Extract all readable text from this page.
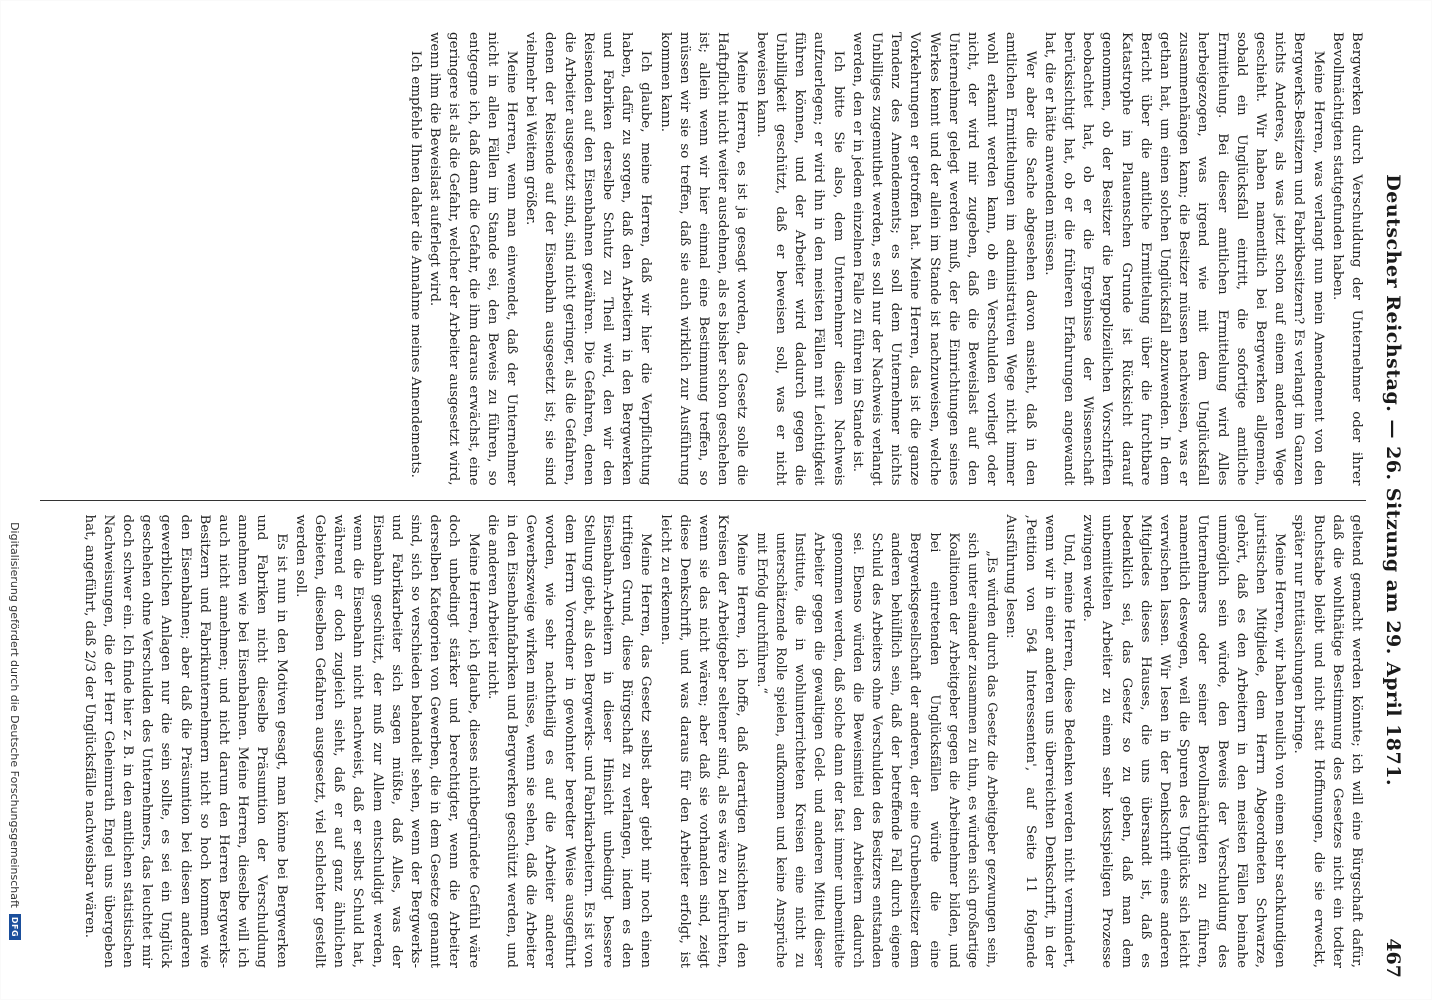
Deutscher Reichstag. — 26. Sitzung am 29. April 1871.
467

Bergwerken durch Verschuldung der Unternehmer oder ihrer Bevollmächtigten stattgefunden haben.

Meine Herren, was verlangt nun mein Amendement von den Bergwerks-Besitzern und Fabrikbesitzern? Es verlangt im Ganzen nichts Anderes, als was jetzt schon auf einem anderen Wege geschieht. Wir haben namentlich bei Bergwerken allgemein, sobald ein Unglücksfall eintritt, die sofortige amtliche Ermittelung. Bei dieser amtlichen Ermittelung wird Alles herbeigezogen, was irgend wie mit dem Unglücksfall zusammenhängen kann; die Besitzer müssen nachweisen, was er gethan hat, um einen solchen Unglücksfall abzuwenden. In dem Bericht über die amtliche Ermittelung über die furchtbare Katastrophe im Plauenschen Grunde ist Rücksicht darauf genommen, ob der Besitzer die bergpolizeilichen Vorschriften beobachtet hat, ob er die Ergebnisse der Wissenschaft berücksichtigt hat, ob er die früheren Erfahrungen angewandt hat, die er hätte anwenden müssen.

Wer aber die Sache abgesehen davon ansieht, daß in den amtlichen Ermittelungen im administrativen Wege nicht immer wohl erkannt werden kann, ob ein Verschulden vorliegt oder nicht, der wird mir zugeben, daß die Beweislast auf den Unternehmer gelegt werden muß, der die Einrichtungen seines Werkes kennt und der allein im Stande ist nachzuweisen, welche Vorkehrungen er getroffen hat. Meine Herren, das ist die ganze Tendenz des Amendements; es soll dem Unternehmer nichts Unbilliges zugemuthet werden, es soll nur der Nachweis verlangt werden, den er in jedem einzelnen Falle zu führen im Stande ist.

Ich bitte Sie also, dem Unternehmer diesen Nachweis aufzuerlegen; er wird ihn in den meisten Fällen mit Leichtigkeit führen können, und der Arbeiter wird dadurch gegen die Unbilligkeit geschützt, daß er beweisen soll, was er nicht beweisen kann.

Meine Herren, es ist ja gesagt worden, das Gesetz solle die Haftpflicht nicht weiter ausdehnen, als es bisher schon geschehen ist; allein wenn wir hier einmal eine Bestimmung treffen, so müssen wir sie so treffen, daß sie auch wirklich zur Ausführung kommen kann.

Ich glaube, meine Herren, daß wir hier die Verpflichtung haben, dafür zu sorgen, daß den Arbeitern in den Bergwerken und Fabriken derselbe Schutz zu Theil wird, den wir den Reisenden auf den Eisenbahnen gewähren. Die Gefahren, denen die Arbeiter ausgesetzt sind, sind nicht geringer, als die Gefahren, denen der Reisende auf der Eisenbahn ausgesetzt ist; sie sind vielmehr bei Weitem größer.

Meine Herren, wenn man einwendet, daß der Unternehmer nicht in allen Fällen im Stande sei, den Beweis zu führen, so entgegne ich, daß dann die Gefahr, die ihm daraus erwächst, eine geringere ist als die Gefahr, welcher der Arbeiter ausgesetzt wird, wenn ihm die Beweislast auferlegt wird.

Ich empfehle Ihnen daher die Annahme meines Amendements.

geltend gemacht werden könnte; ich will eine Bürgschaft dafür, daß die wohlthätige Bestimmung des Gesetzes nicht ein todter Buchstabe bleibt und nicht statt Hoffnungen, die sie erweckt, später nur Enttäuschungen bringe.

Meine Herren, wir haben neulich von einem sehr sachkundigen juristischen Mitgliede, dem Herrn Abgeordneten Schwarze, gehört, daß es den Arbeitern in den meisten Fällen beinahe unmöglich sein würde, den Beweis der Verschuldung des Unternehmers oder seiner Bevollmächtigten zu führen, namentlich deswegen, weil die Spuren des Unglücks sich leicht verwischen lassen. Wir lesen in der Denkschrift eines anderen Mitgliedes dieses Hauses, die uns übersandt ist, daß es bedenklich sei, das Gesetz so zu geben, daß man dem unbemittelten Arbeiter zu einem sehr kostspieligen Prozesse zwingen werde.

Und, meine Herren, diese Bedenken werden nicht vermindert, wenn wir in einer anderen uns überreichten Denkschrift, in der ‚Petition von 564 Interessenten', auf Seite 11 folgende Ausführung lesen:

„Es würden durch das Gesetz die Arbeitgeber gezwungen sein, sich unter einander zusammen zu thun, es würden sich großartige Koalitionen der Arbeitgeber gegen die Arbeitnehmer bilden, und bei eintretenden Unglücksfällen würde die eine Bergwerksgesellschaft der anderen, der eine Grubenbesitzer dem anderen behülflich sein, daß der betreffende Fall durch eigene Schuld des Arbeiters ohne Verschulden des Besitzers entstanden sei. Ebenso würden die Beweismittel den Arbeitern dadurch genommen werden, daß solche dann der fast immer unbemittelte Arbeiter gegen die gewaltigen Geld- und anderen Mittel dieser Institute, die in wohlunterrichteten Kreisen eine nicht zu unterschätzende Rolle spielen, aufkommen und keine Ansprüche mit Erfolg durchführen.“

Meine Herren, ich hoffe, daß derartigen Ansichten in den Kreisen der Arbeitgeber seltener sind, als es wäre zu befürchten, wenn sie das nicht wären; aber daß sie vorhanden sind, zeigt diese Denkschrift, und was daraus für den Arbeiter erfolgt, ist leicht zu erkennen.

Meine Herren, das Gesetz selbst aber giebt mir noch einen triftigen Grund, diese Bürgschaft zu verlangen, indem es den Eisenbahn-Arbeitern in dieser Hinsicht unbedingt bessere Stellung giebt, als den Bergwerks- und Fabrikarbeitern. Es ist von dem Herrn Vorredner in gewohnter beredter Weise ausgeführt worden, wie sehr nachtheilig es auf die Arbeiter anderer Gewerbszweige wirken müsse, wenn sie sehen, daß die Arbeiter in den Eisenbahnfabriken und Bergwerken geschützt werden, und die anderen Arbeiter nicht.

Meine Herren, ich glaube, dieses nichtbegründete Gefühl wäre doch unbedingt stärker und berechtigter, wenn die Arbeiter derselben Kategorien von Gewerben, die in dem Gesetze genannt sind, sich so verschieden behandelt sehen, wenn der Bergwerks- und Fabrikarbeiter sich sagen müßte, daß Alles, was der Eisenbahn geschützt, der muß zur Allem entschuldigt werden, wenn die Eisenbahn nicht nachweist, daß er selbst Schuld hat, während er doch zugleich sieht, daß er auf ganz ähnlichen Gebieten, dieselben Gefahren ausgesetzt, viel schlechter gestellt werden soll.

Es ist nun in den Motiven gesagt, man könne bei Bergwerken und Fabriken nicht dieselbe Präsumtion der Verschuldung annehmen wie bei Eisenbahnen. Meine Herren, dieselbe will ich auch nicht annehmen; und nicht darum den Herren Bergwerks-Besitzern und Fabrikunternehmern nicht so hoch kommen wie den Eisenbahnen; aber daß die Präsumtion bei diesen anderen gewerblichen Anlagen nur die sein sollte, es sei ein Unglück geschehen ohne Verschulden des Unternehmers, das leuchtet mir doch schwer ein. Ich finde hier z. B. in den amtlichen statistischen Nachweisungen, die der Herr Geheimrath Engel uns übergeben hat, angeführt, daß 2/3 der Unglücksfälle nachweisbar wären.

Digitalisierung gefördert durch die Deutsche Forschungsgemeinschaft
DFG
